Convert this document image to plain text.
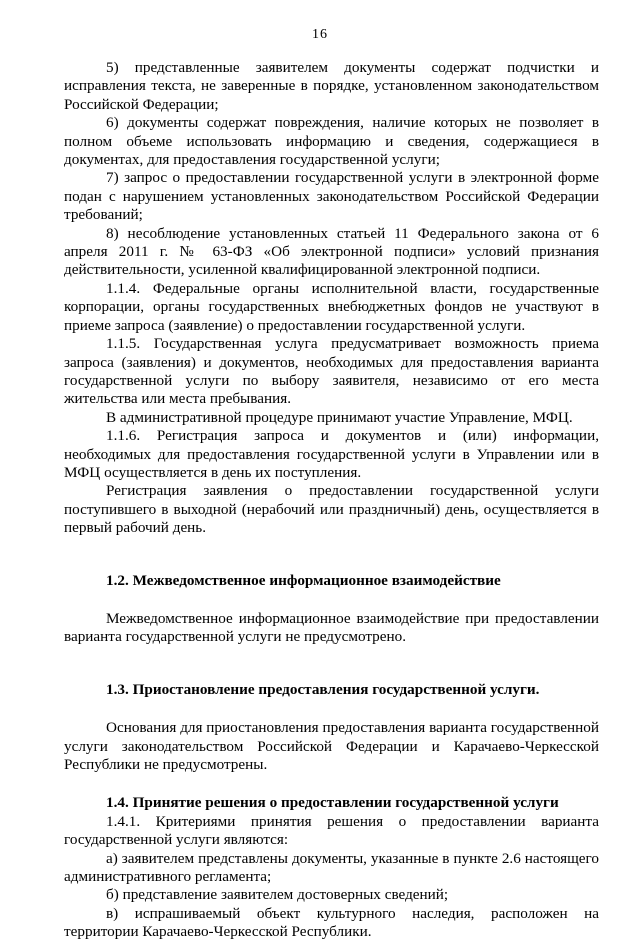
16

5) представленные заявителем документы содержат подчистки и исправления текста, не заверенные в порядке, установленном законодательством Российской Федерации;

6) документы содержат повреждения, наличие которых не позволяет в полном объеме использовать информацию и сведения, содержащиеся в документах, для предоставления государственной услуги;

7) запрос о предоставлении государственной услуги в электронной форме подан с нарушением установленных законодательством Российской Федерации требований;

8) несоблюдение установленных статьей 11 Федерального закона от 6 апреля 2011 г. № 63-ФЗ «Об электронной подписи» условий признания действительности, усиленной квалифицированной электронной подписи.

1.1.4. Федеральные органы исполнительной власти, государственные корпорации, органы государственных внебюджетных фондов не участвуют в приеме запроса (заявление) о предоставлении государственной услуги.

1.1.5. Государственная услуга предусматривает возможность приема запроса (заявления) и документов, необходимых для предоставления варианта государственной услуги по выбору заявителя, независимо от его места жительства или места пребывания.

В административной процедуре принимают участие Управление, МФЦ.

1.1.6. Регистрация запроса и документов и (или) информации, необходимых для предоставления государственной услуги в Управлении или в МФЦ осуществляется в день их поступления.

Регистрация заявления о предоставлении государственной услуги поступившего в выходной (нерабочий или праздничный) день, осуществляется в первый рабочий день.

1.2. Межведомственное информационное взаимодействие

Межведомственное информационное взаимодействие при предоставлении варианта государственной услуги не предусмотрено.

1.3. Приостановление предоставления государственной услуги.

Основания для приостановления предоставления варианта государственной услуги законодательством Российской Федерации и Карачаево-Черкесской Республики не предусмотрены.

1.4. Принятие решения о предоставлении государственной услуги

1.4.1. Критериями принятия решения о предоставлении варианта государственной услуги являются:

а) заявителем представлены документы, указанные в пункте 2.6 настоящего административного регламента;

б) представление заявителем достоверных сведений;

в) испрашиваемый объект культурного наследия, расположен на территории Карачаево-Черкесской Республики.
